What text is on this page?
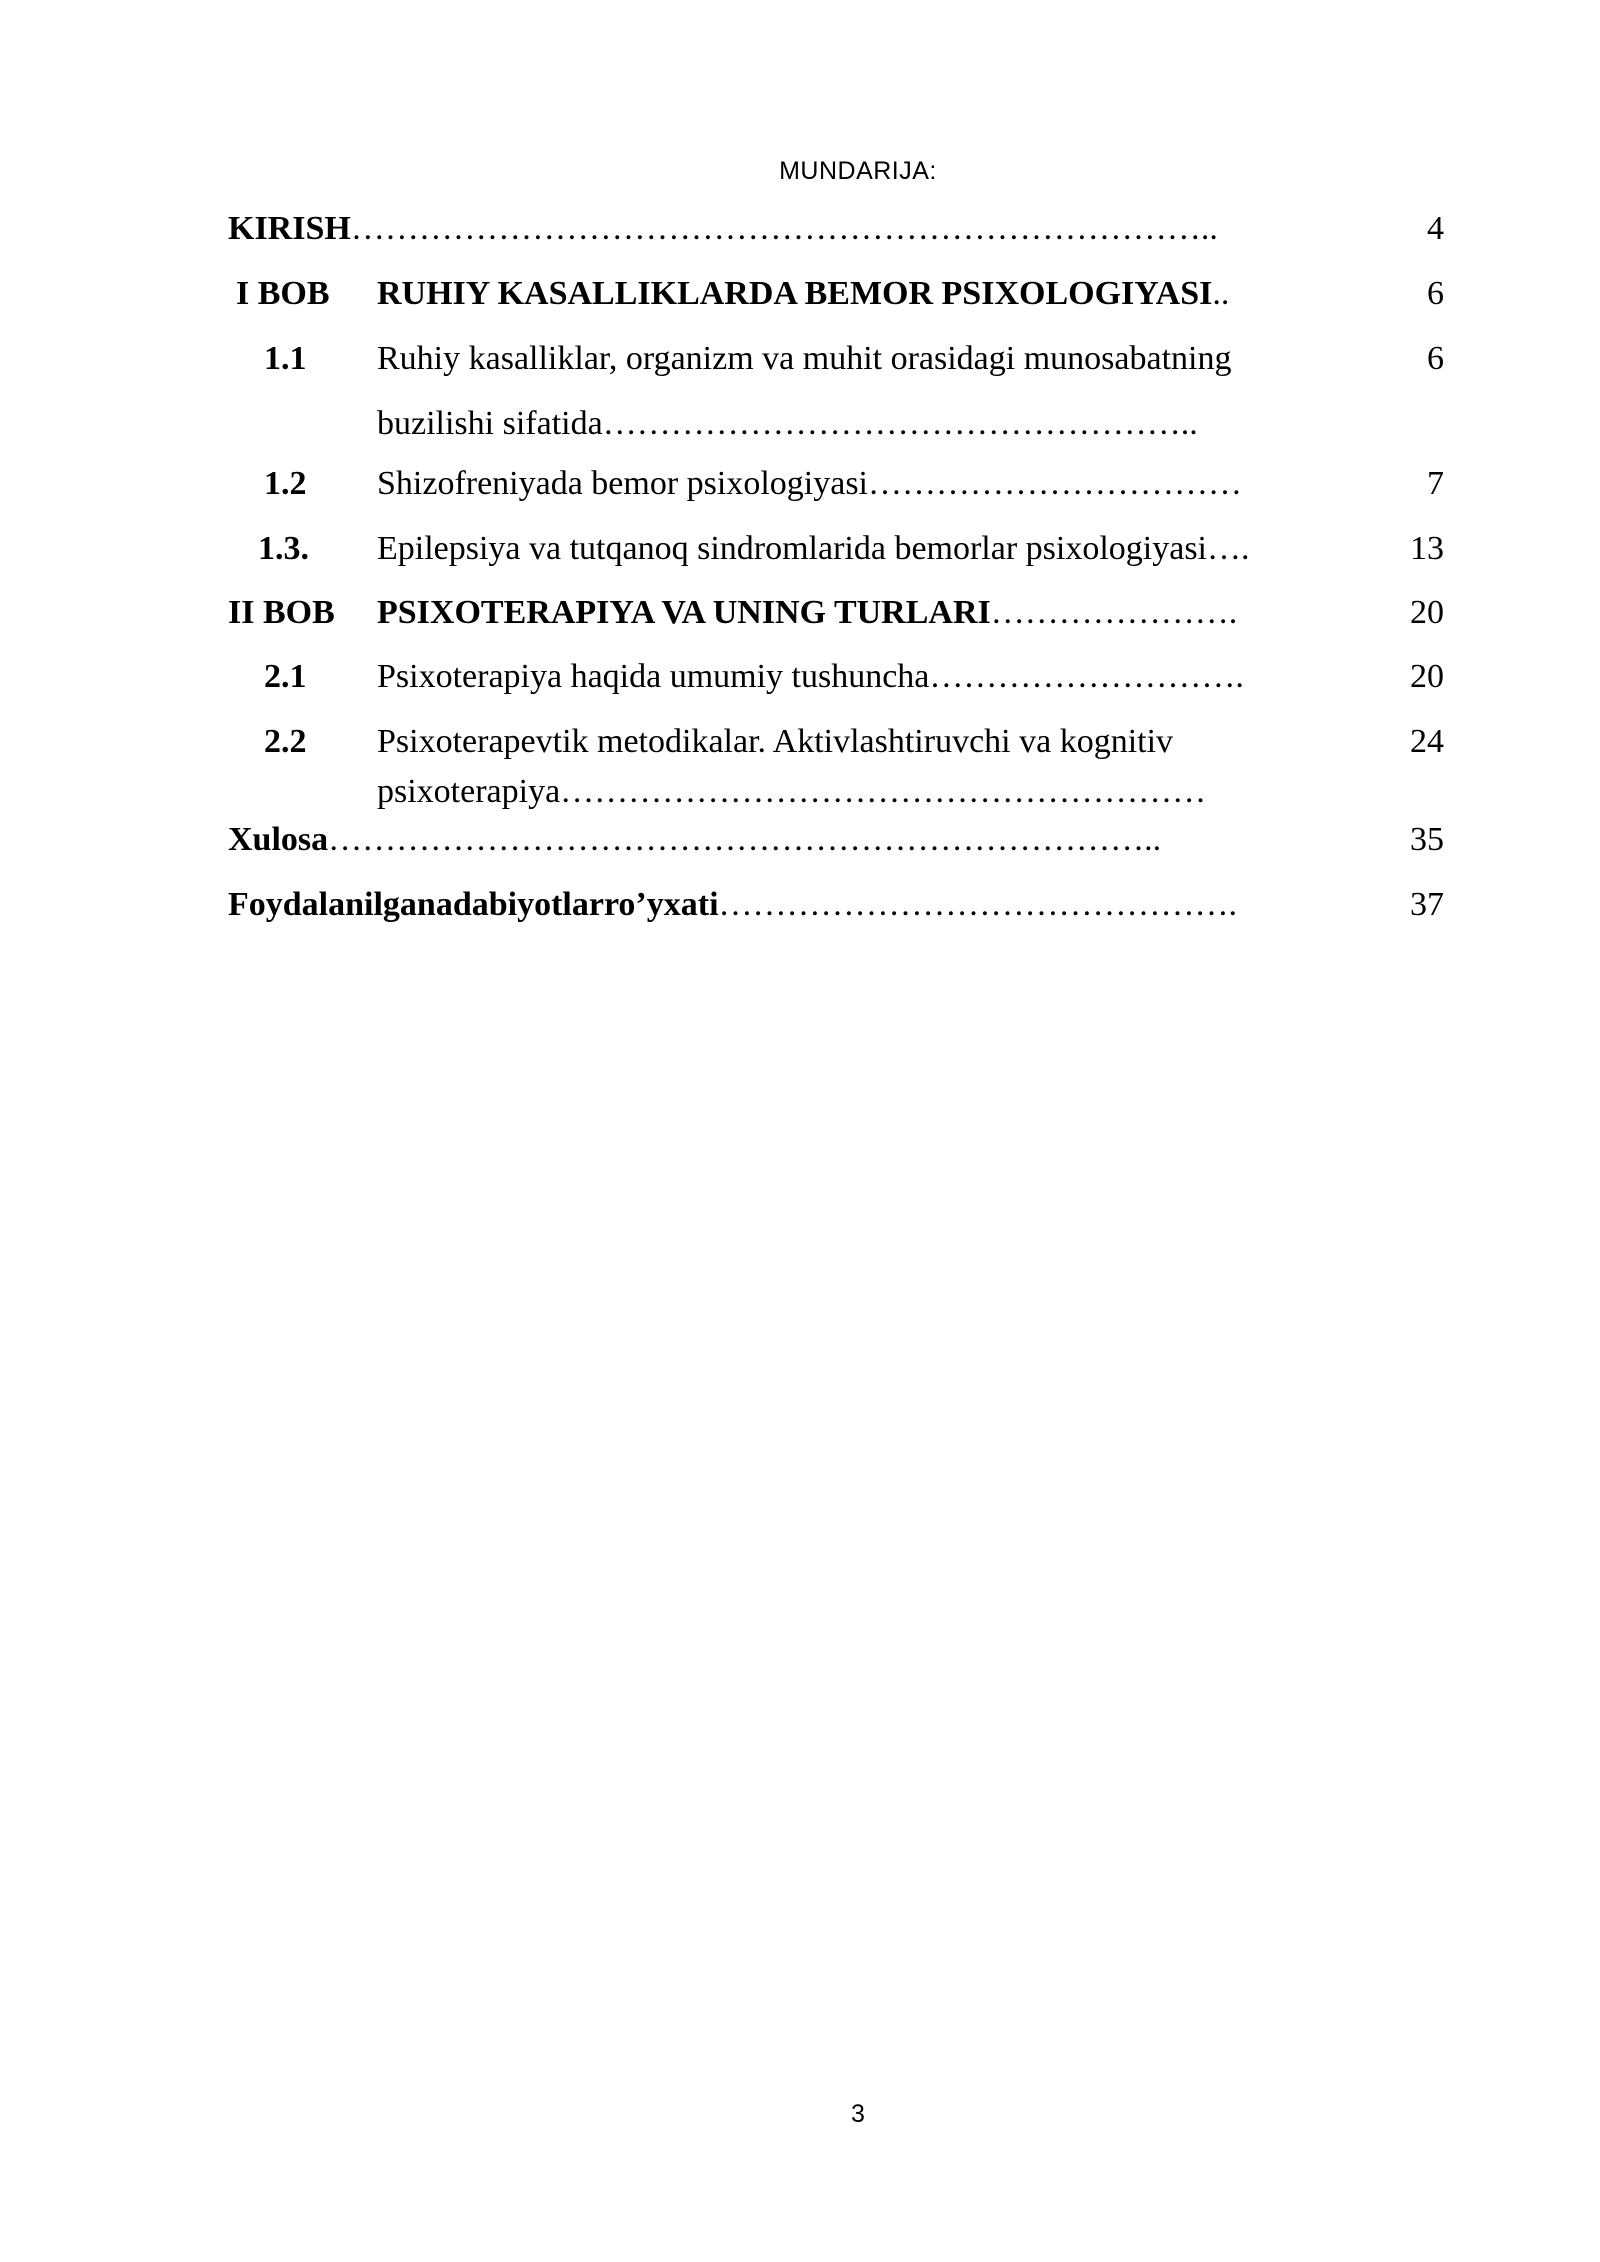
MUNDARIJA:
KIRISH…………………………………………………………………..	4
I BOB RUHIY KASALLIKLARDA BEMOR PSIXOLOGIYASI..	6
1.1 Ruhiy kasalliklar, organizm va muhit orasidagi munosabatning	6
buzilishi sifatida……………………………………………..
1.2 Shizofreniyada bemor psixologiyasi……………………………	7
1.3. Epilepsiya va tutqanoq sindromlarida bemorlar psixologiyasi….	13
II BOB PSIXOTERAPIYA VA UNING TURLARI………………….	20
2.1 Psixoterapiya haqida umumiy tushuncha……………………….	20
2.2 Psixoterapevtik metodikalar. Aktivlashtiruvchi va kognitiv	24
psixoterapiya…………………………………………………
Xulosa………………………………………………………………..	35
Foydalanilganadabiyotlarro’yxati……………………………………….	37
3
